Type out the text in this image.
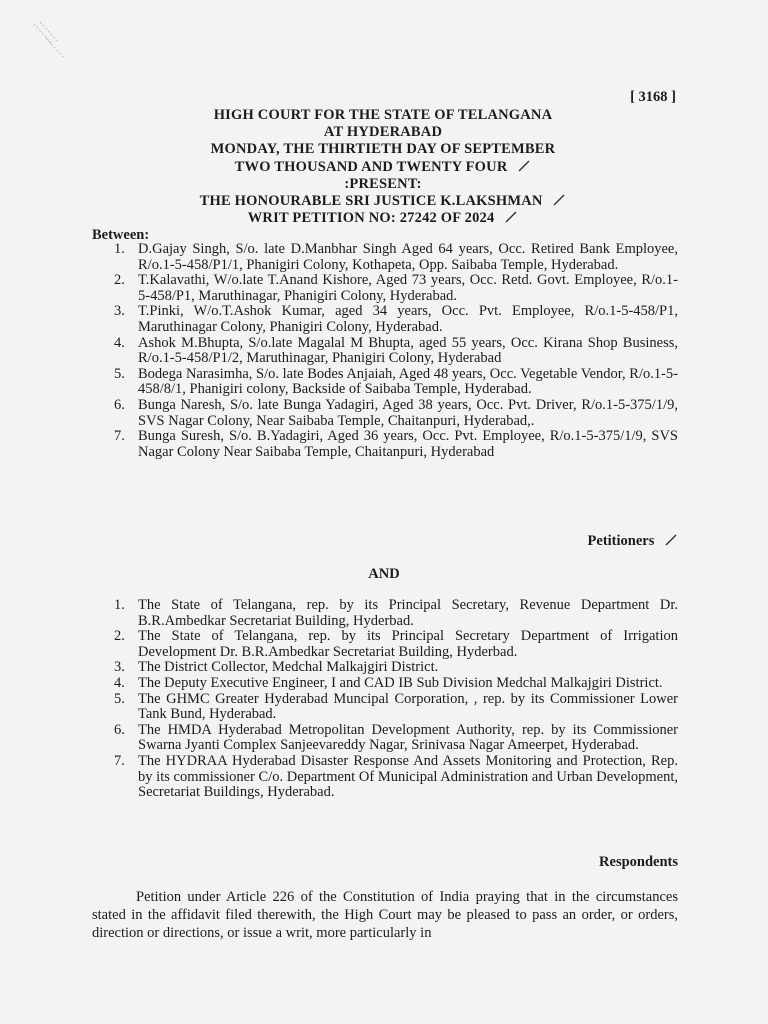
[ 3168 ]
HIGH COURT FOR THE STATE OF TELANGANA
AT HYDERABAD
MONDAY, THE THIRTIETH DAY OF SEPTEMBER
TWO THOUSAND AND TWENTY FOUR
:PRESENT:
THE HONOURABLE SRI JUSTICE K.LAKSHMAN
WRIT PETITION NO: 27242 OF 2024
Between:
1. D.Gajay Singh, S/o. late D.Manbhar Singh Aged 64 years, Occ. Retired Bank Employee, R/o.1-5-458/P1/1, Phanigiri Colony, Kothapeta, Opp. Saibaba Temple, Hyderabad.
2. T.Kalavathi, W/o.late T.Anand Kishore, Aged 73 years, Occ. Retd. Govt. Employee, R/o.1-5-458/P1, Maruthinagar, Phanigiri Colony, Hyderabad.
3. T.Pinki, W/o.T.Ashok Kumar, aged 34 years, Occ. Pvt. Employee, R/o.1-5-458/P1, Maruthinagar Colony, Phanigiri Colony, Hyderabad.
4. Ashok M.Bhupta, S/o.late Magalal M Bhupta, aged 55 years, Occ. Kirana Shop Business, R/o.1-5-458/P1/2, Maruthinagar, Phanigiri Colony, Hyderabad
5. Bodega Narasimha, S/o. late Bodes Anjaiah, Aged 48 years, Occ. Vegetable Vendor, R/o.1-5-458/8/1, Phanigiri colony, Backside of Saibaba Temple, Hyderabad.
6. Bunga Naresh, S/o. late Bunga Yadagiri, Aged 38 years, Occ. Pvt. Driver, R/o.1-5-375/1/9, SVS Nagar Colony, Near Saibaba Temple, Chaitanpuri, Hyderabad,.
7. Bunga Suresh, S/o. B.Yadagiri, Aged 36 years, Occ. Pvt. Employee, R/o.1-5-375/1/9, SVS Nagar Colony Near Saibaba Temple, Chaitanpuri, Hyderabad
Petitioners
AND
1. The State of Telangana, rep. by its Principal Secretary, Revenue Department Dr. B.R.Ambedkar Secretariat Building, Hyderbad.
2. The State of Telangana, rep. by its Principal Secretary Department of Irrigation Development Dr. B.R.Ambedkar Secretariat Building, Hyderbad.
3. The District Collector, Medchal Malkajgiri District.
4. The Deputy Executive Engineer, I and CAD IB Sub Division Medchal Malkajgiri District.
5. The GHMC Greater Hyderabad Muncipal Corporation, , rep. by its Commissioner Lower Tank Bund, Hyderabad.
6. The HMDA Hyderabad Metropolitan Development Authority, rep. by its Commissioner Swarna Jyanti Complex Sanjeevareddy Nagar, Srinivasa Nagar Ameerpet, Hyderabad.
7. The HYDRAA Hyderabad Disaster Response And Assets Monitoring and Protection, Rep. by its commissioner C/o. Department Of Municipal Administration and Urban Development, Secretariat Buildings, Hyderabad.
Respondents

Petition under Article 226 of the Constitution of India praying that in the circumstances stated in the affidavit filed therewith, the High Court may be pleased to pass an order, or orders, direction or directions, or issue a writ, more particularly in
